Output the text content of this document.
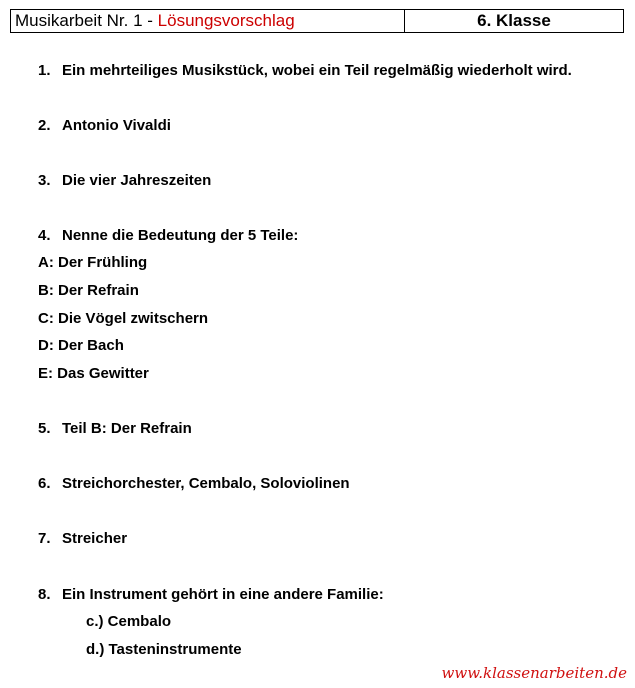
Musikarbeit Nr. 1 - Lösungsvorschlag	6. Klasse
1. Ein mehrteiliges Musikstück, wobei ein Teil regelmäßig wiederholt wird.
2. Antonio Vivaldi
3. Die vier Jahreszeiten
4. Nenne die Bedeutung der 5 Teile:
A: Der Frühling
B: Der Refrain
C: Die Vögel zwitschern
D: Der Bach
E: Das Gewitter
5. Teil B: Der Refrain
6. Streichorchester, Cembalo, Soloviolinen
7. Streicher
8. Ein Instrument gehört in eine andere Familie:
c.) Cembalo
d.) Tasteninstrumente
www.klassenarbeiten.de
